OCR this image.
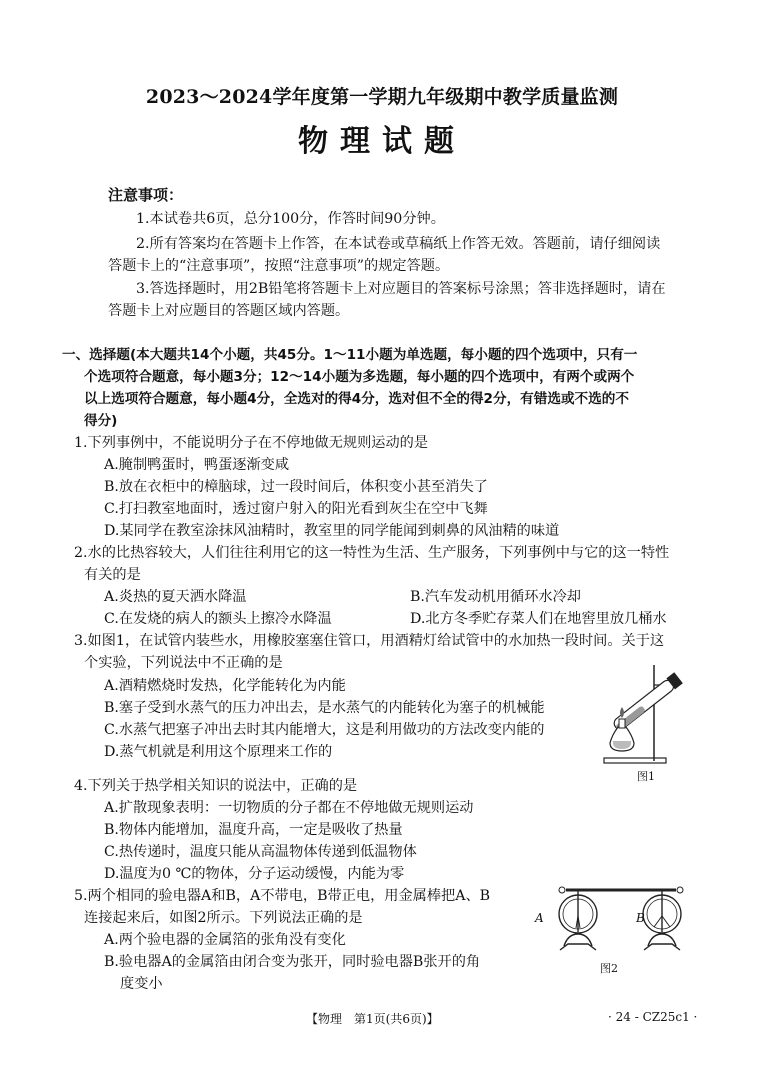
2023～2024学年度第一学期九年级期中教学质量监测
物理试题
注意事项：
1.本试卷共6页，总分100分，作答时间90分钟。
2.所有答案均在答题卡上作答，在本试卷或草稿纸上作答无效。答题前，请仔细阅读
答题卡上的“注意事项”，按照“注意事项”的规定答题。
3.答选择题时，用2B铅笔将答题卡上对应题目的答案标号涂黑；答非选择题时，请在
答题卡上对应题目的答题区域内答题。
一、选择题(本大题共14个小题，共45分。1～11小题为单选题，每小题的四个选项中，只有一
个选项符合题意，每小题3分；12～14小题为多选题，每小题的四个选项中，有两个或两个
以上选项符合题意，每小题4分，全选对的得4分，选对但不全的得2分，有错选或不选的不
得分)
1.下列事例中，不能说明分子在不停地做无规则运动的是
A.腌制鸭蛋时，鸭蛋逐渐变咸
B.放在衣柜中的樟脑球，过一段时间后，体积变小甚至消失了
C.打扫教室地面时，透过窗户射入的阳光看到灰尘在空中飞舞
D.某同学在教室涂抹风油精时，教室里的同学能闻到刺鼻的风油精的味道
2.水的比热容较大，人们往往利用它的这一特性为生活、生产服务，下列事例中与它的这一特性
有关的是
A.炎热的夏天洒水降温	B.汽车发动机用循环水冷却
C.在发烧的病人的额头上擦冷水降温	D.北方冬季贮存菜人们在地窖里放几桶水
3.如图1，在试管内装些水，用橡胶塞塞住管口，用酒精灯给试管中的水加热一段时间。关于这
个实验，下列说法中不正确的是
A.酒精燃烧时发热，化学能转化为内能
B.塞子受到水蒸气的压力冲出去，是水蒸气的内能转化为塞子的机械能
C.水蒸气把塞子冲出去时其内能增大，这是利用做功的方法改变内能的
D.蒸气机就是利用这个原理来工作的
图1
4.下列关于热学相关知识的说法中，正确的是
A.扩散现象表明：一切物质的分子都在不停地做无规则运动
B.物体内能增加，温度升高，一定是吸收了热量
C.热传递时，温度只能从高温物体传递到低温物体
D.温度为0 ℃的物体，分子运动缓慢，内能为零
5.两个相同的验电器A和B，A不带电，B带正电，用金属棒把A、B
连接起来后，如图2所示。下列说法正确的是
A.两个验电器的金属箔的张角没有变化
B.验电器A的金属箔由闭合变为张开，同时验电器B张开的角
度变小
A	B
图2
【物理　第1页(共6页)】	· 24 - CZ25c1 ·
